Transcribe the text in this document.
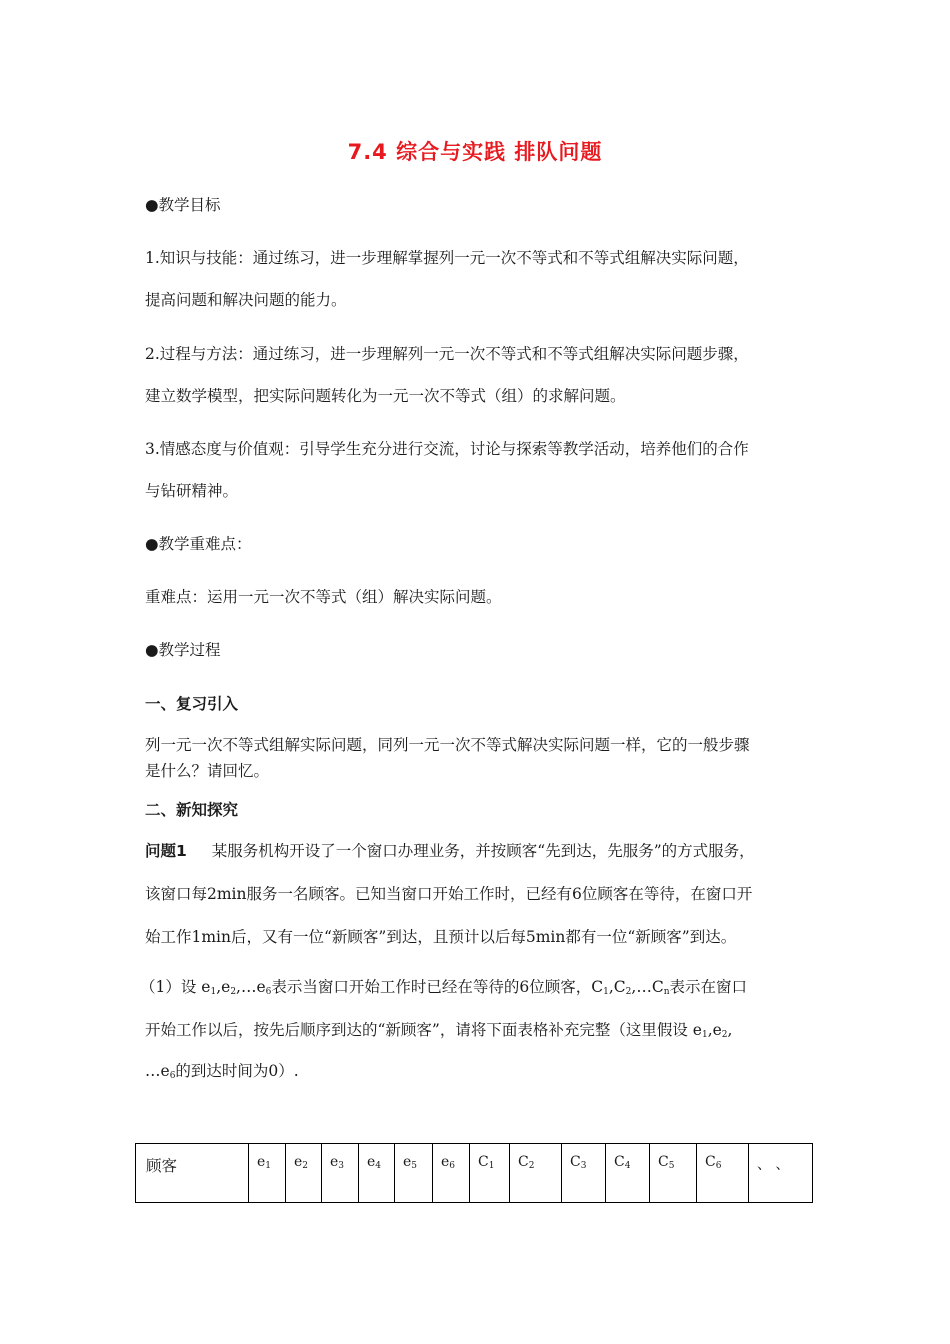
7.4 综合与实践 排队问题
●教学目标
1.知识与技能：通过练习，进一步理解掌握列一元一次不等式和不等式组解决实际问题，
提高问题和解决问题的能力。
2.过程与方法：通过练习，进一步理解列一元一次不等式和不等式组解决实际问题步骤，
建立数学模型，把实际问题转化为一元一次不等式（组）的求解问题。
3.情感态度与价值观：引导学生充分进行交流，讨论与探索等教学活动，培养他们的合作
与钻研精神。
●教学重难点：
重难点：运用一元一次不等式（组）解决实际问题。
●教学过程
一、复习引入
列一元一次不等式组解实际问题，同列一元一次不等式解决实际问题一样，它的一般步骤
是什么？请回忆。
二、新知探究
问题1 某服务机构开设了一个窗口办理业务，并按顾客“先到达，先服务”的方式服务，
该窗口每2min服务一名顾客。已知当窗口开始工作时，已经有6位顾客在等待，在窗口开
始工作1min后，又有一位“新顾客”到达，且预计以后每5min都有一位“新顾客”到达。
（1）设 $e_1,e_2,\dots e_6$表示当窗口开始工作时已经在等待的6位顾客，$C_1,C_2,\dots C_n$表示在窗口
开始工作以后，按先后顺序到达的“新顾客”，请将下面表格补充完整（这里假设 $e_1,e_2$,
$\dots e_6$的到达时间为0）.
顾客	$e_1$	$e_2$	$e_3$	$e_4$	$e_5$	$e_6$	$C_1$	$C_2$	$C_3$	$C_4$	$C_5$	$C_6$	、 、
